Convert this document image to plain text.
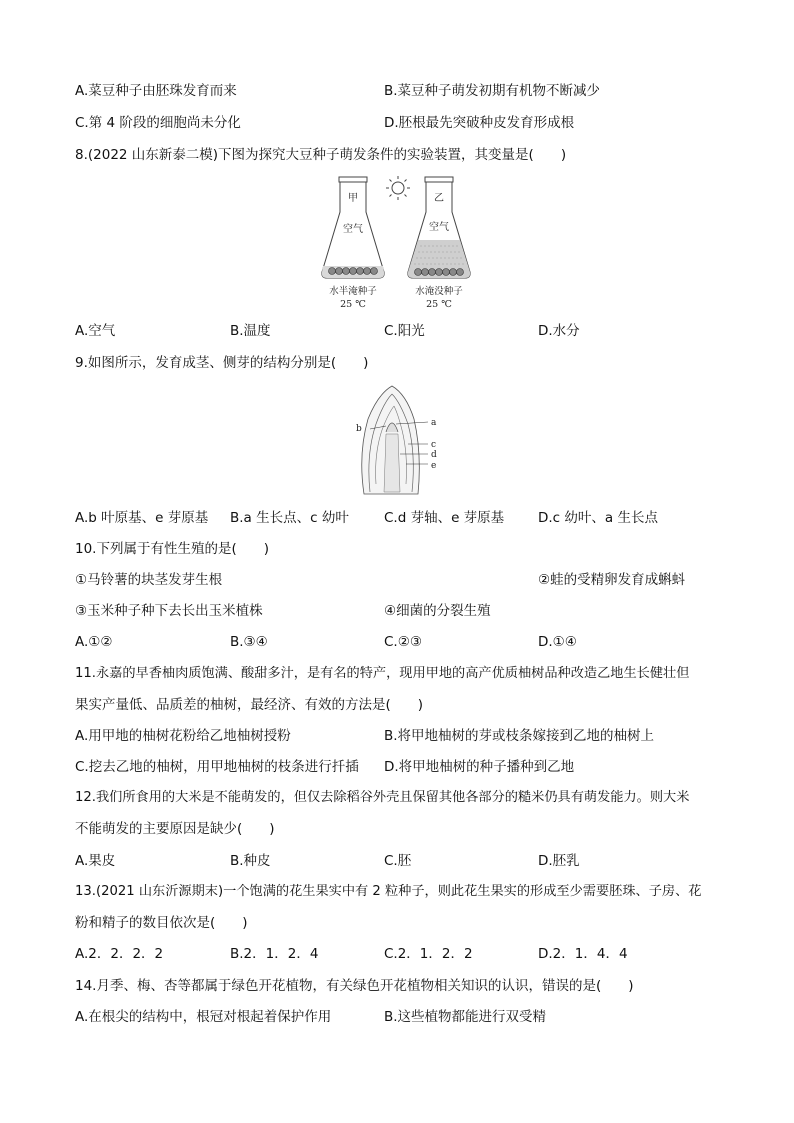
A.菜豆种子由胚珠发育而来	B.菜豆种子萌发初期有机物不断减少
C.第 4 阶段的细胞尚未分化	D.胚根最先突破种皮发育形成根
8.(2022 山东新泰二模)下图为探究大豆种子萌发条件的实验装置，其变量是(　　)
甲
空气
水半淹种子
25 ℃
乙
空气
水淹没种子
25 ℃
A.空气	B.温度	C.阳光	D.水分
9.如图所示，发育成茎、侧芽的结构分别是(　　)
a
b
c
d
e
A.b 叶原基、e 芽原基 B.a 生长点、c 幼叶	C.d 芽轴、e 芽原基	D.c 幼叶、a 生长点
10.下列属于有性生殖的是(　　)
①马铃薯的块茎发芽生根	②蛙的受精卵发育成蝌蚪
③玉米种子种下去长出玉米植株	④细菌的分裂生殖
A.①②	B.③④	C.②③	D.①④
11.永嘉的早香柚肉质饱满、酸甜多汁，是有名的特产，现用甲地的高产优质柚树品种改造乙地生长健壮但
果实产量低、品质差的柚树，最经济、有效的方法是(　　)
A.用甲地的柚树花粉给乙地柚树授粉	B.将甲地柚树的芽或枝条嫁接到乙地的柚树上
C.挖去乙地的柚树，用甲地柚树的枝条进行扦插 D.将甲地柚树的种子播种到乙地
12.我们所食用的大米是不能萌发的，但仅去除稻谷外壳且保留其他各部分的糙米仍具有萌发能力。则大米
不能萌发的主要原因是缺少(　　)
A.果皮	B.种皮	C.胚	D.胚乳
13.(2021 山东沂源期末)一个饱满的花生果实中有 2 粒种子，则此花生果实的形成至少需要胚珠、子房、花
粉和精子的数目依次是(　　)
A.2．2．2．2	B.2．1．2．4	C.2．1．2．2	D.2．1．4．4
14.月季、梅、杏等都属于绿色开花植物，有关绿色开花植物相关知识的认识，错误的是(　　)
A.在根尖的结构中，根冠对根起着保护作用	B.这些植物都能进行双受精
